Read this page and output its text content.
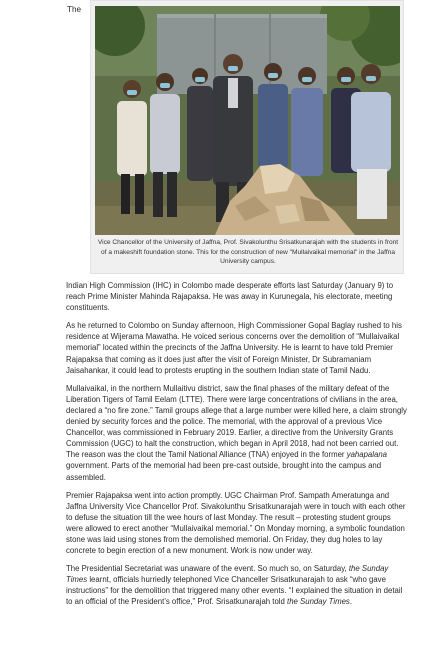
The

Vice Chancellor of the University of Jaffna, Prof. Sivakolunthu Srisatkunarajah with the students in front of a makeshift foundation stone. This for the construction of new "Mullaivaikal memorial" in the Jaffna University campus.

Indian High Commission (IHC) in Colombo made desperate efforts last Saturday (January 9) to reach Prime Minister Mahinda Rajapaksa. He was away in Kurunegala, his electorate, meeting constituents.

As he returned to Colombo on Sunday afternoon, High Commissioner Gopal Baglay rushed to his residence at Wijerama Mawatha. He voiced serious concerns over the demolition of “Mullaivaikal memorial” located within the precincts of the Jaffna University. He is learnt to have told Premier Rajapaksa that coming as it does just after the visit of Foreign Minister, Dr Subramaniam Jaisahankar, it could lead to protests erupting in the southern Indian state of Tamil Nadu.

Mullaivaikal, in the northern Mullaitivu district, saw the final phases of the military defeat of the Liberation Tigers of Tamil Eelam (LTTE). There were large concentrations of civilians in the area, declared a “no fire zone.” Tamil groups allege that a large number were killed here, a claim strongly denied by security forces and the police. The memorial, with the approval of a previous Vice Chancellor, was commissioned in February 2019. Earlier, a directive from the University Grants Commission (UGC) to halt the construction, which began in April 2018, had not been carried out. The reason was the clout the Tamil National Alliance (TNA) enjoyed in the former yahapalana government. Parts of the memorial had been pre-cast outside, brought into the campus and assembled.

Premier Rajapaksa went into action promptly. UGC Chairman Prof. Sampath Ameratunga and Jaffna University Vice Chancellor Prof. Sivakolunthu Srisatkunarajah were in touch with each other to defuse the situation till the wee hours of last Monday. The result – protesting student groups were allowed to erect another “Mullaivaikal memorial.” On Monday morning, a symbolic foundation stone was laid using stones from the demolished memorial. On Friday, they dug holes to lay concrete to begin erection of a new monument. Work is now under way.

The Presidential Secretariat was unaware of the event. So much so, on Saturday, the Sunday Times learnt, officials hurriedly telephoned Vice Chanceller Srisatkunarajah to ask “who gave instructions” for the demolition that triggered many other events. “I explained the situation in detail to an official of the President’s office,” Prof. Srisatkunarajah told the Sunday Times.
